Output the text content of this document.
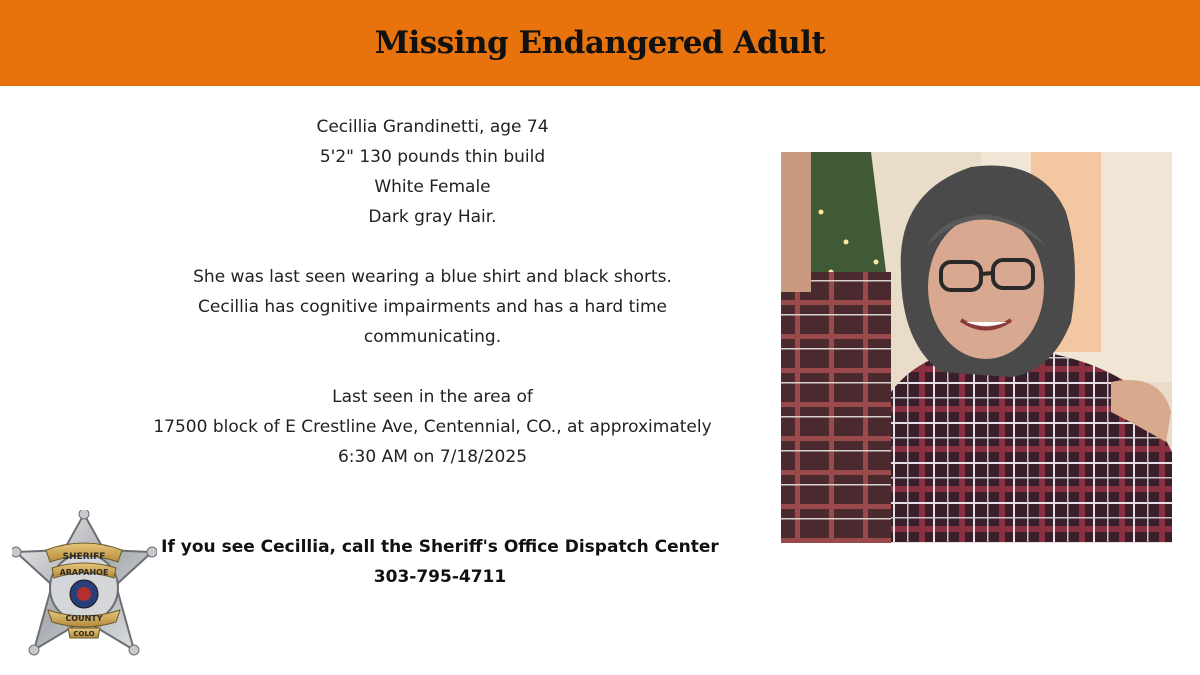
Missing Endangered Adult

Cecillia Grandinetti, age 74

5'2" 130 pounds thin build

White Female

Dark gray Hair.

She was last seen wearing a blue shirt and black shorts.

Cecillia has cognitive impairments and has a hard time

communicating.

Last seen in the area of

17500 block of E Crestline Ave, Centennial, CO., at approximately

6:30 AM on 7/18/2025

If you see Cecillia, call the Sheriff's Office Dispatch Center

303-795-4711

SHERIFF
ARAPAHOE
COUNTY
COLO
